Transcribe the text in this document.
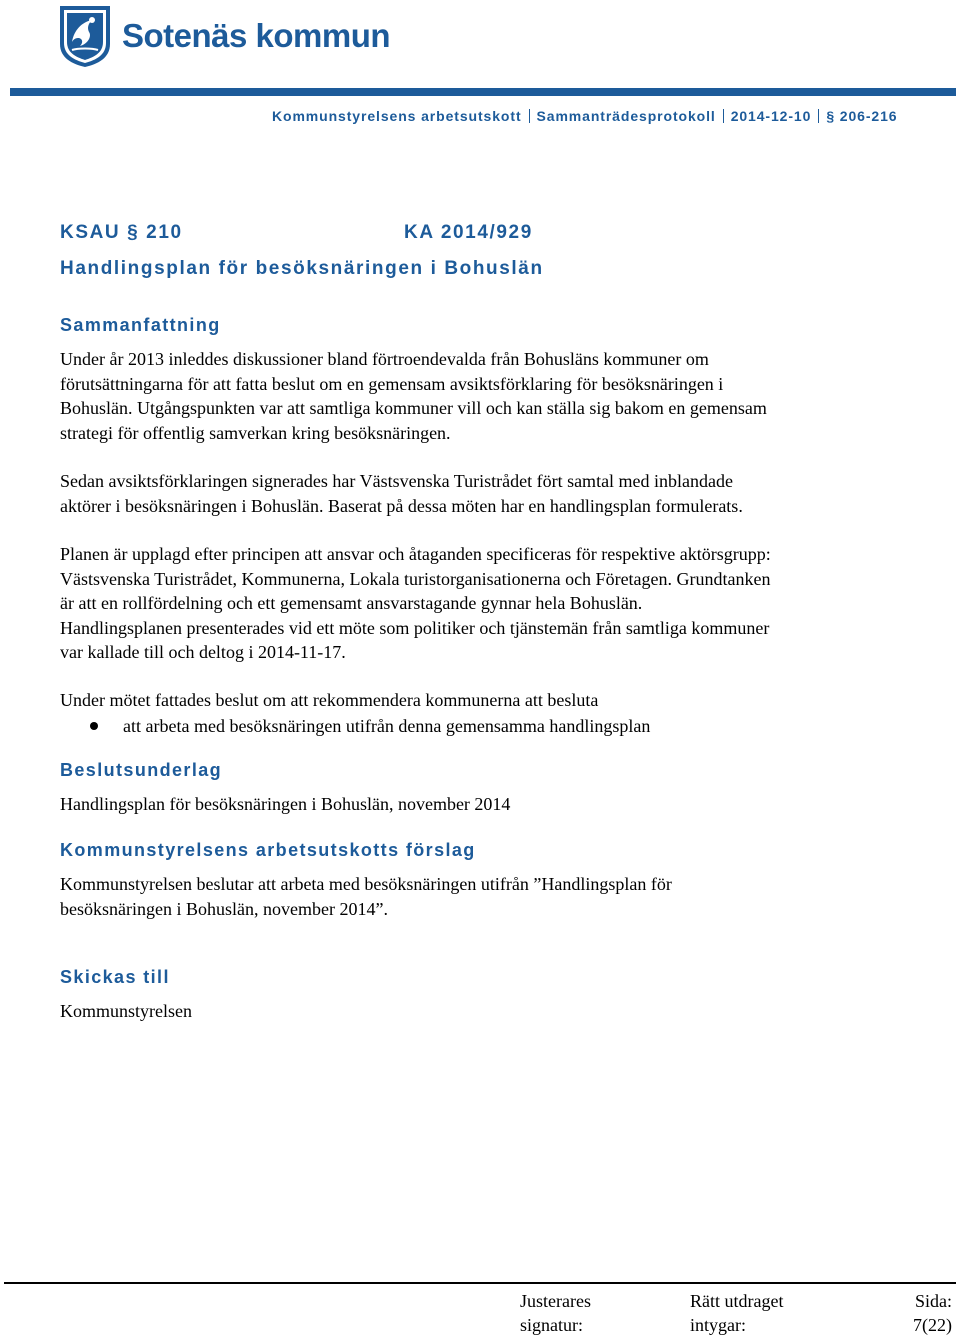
Sotenäs kommun
Kommunstyrelsens arbetsutskott Sammanträdesprotokoll 2014-12-10 § 206-216
KSAU § 210	KA 2014/929
Handlingsplan för besöksnäringen i Bohuslän
Sammanfattning

Under år 2013 inleddes diskussioner bland förtroendevalda från Bohusläns kommuner om

förutsättningarna för att fatta beslut om en gemensam avsiktsförklaring för besöksnäringen i

Bohuslän. Utgångspunkten var att samtliga kommuner vill och kan ställa sig bakom en gemensam

strategi för offentlig samverkan kring besöksnäringen.

Sedan avsiktsförklaringen signerades har Västsvenska Turistrådet fört samtal med inblandade

aktörer i besöksnäringen i Bohuslän. Baserat på dessa möten har en handlingsplan formulerats.

Planen är upplagd efter principen att ansvar och åtaganden specificeras för respektive aktörsgrupp:

Västsvenska Turistrådet, Kommunerna, Lokala turistorganisationerna och Företagen. Grundtanken

är att en rollfördelning och ett gemensamt ansvarstagande gynnar hela Bohuslän.

Handlingsplanen presenterades vid ett möte som politiker och tjänstemän från samtliga kommuner

var kallade till och deltog i 2014-11-17.

Under mötet fattades beslut om att rekommendera kommunerna att besluta

att arbeta med besöksnäringen utifrån denna gemensamma handlingsplan
Beslutsunderlag

Handlingsplan för besöksnäringen i Bohuslän, november 2014

Kommunstyrelsens arbetsutskotts förslag

Kommunstyrelsen beslutar att arbeta med besöksnäringen utifrån ”Handlingsplan för

besöksnäringen i Bohuslän, november 2014”.

Skickas till

Kommunstyrelsen

Justerares
signatur:
Rätt utdraget
intygar:
Sida:
7(22)
